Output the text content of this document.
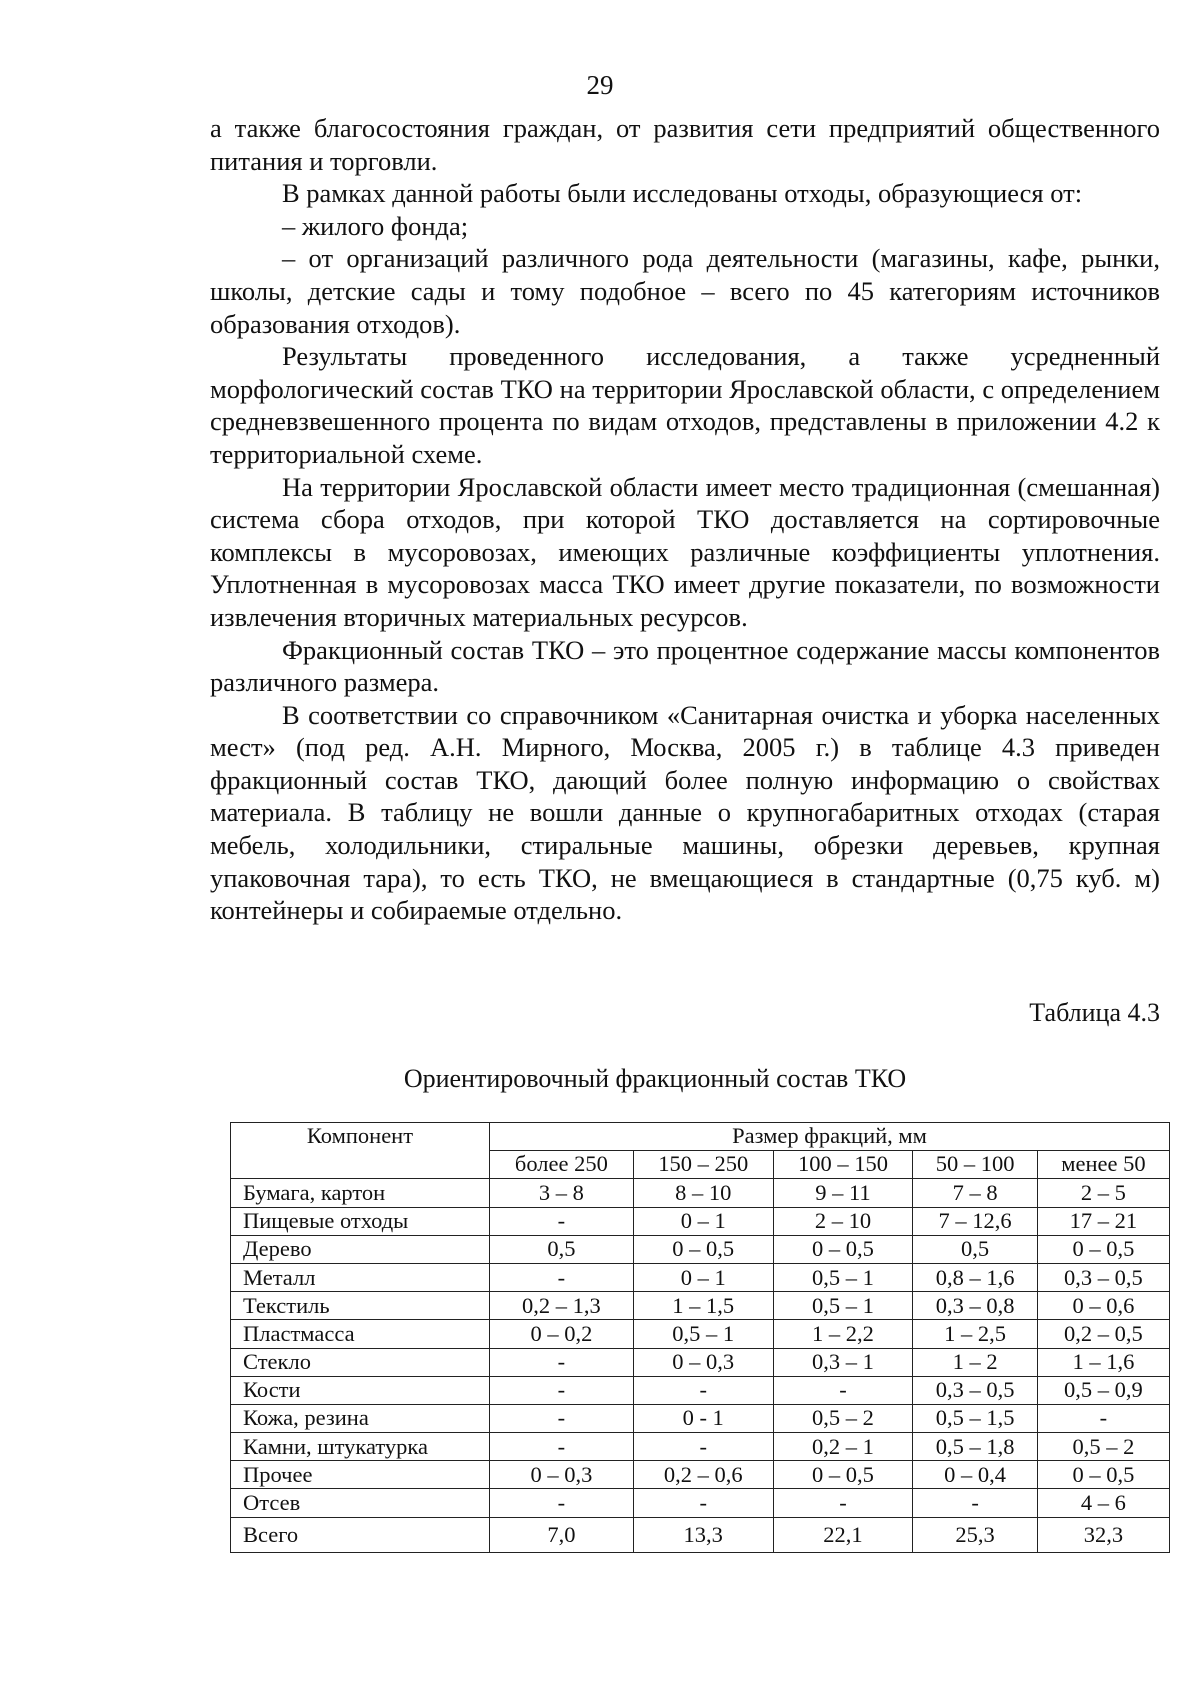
29

а также благосостояния граждан, от развития сети предприятий общественного питания и торговли.

В рамках данной работы были исследованы отходы, образующиеся от:

– жилого фонда;

– от организаций различного рода деятельности (магазины, кафе, рынки, школы, детские сады и тому подобное – всего по 45 категориям источников образования отходов).

Результаты проведенного исследования, а также усредненный морфологический состав ТКО на территории Ярославской области, с определением средневзвешенного процента по видам отходов, представлены в приложении 4.2 к территориальной схеме.

На территории Ярославской области имеет место традиционная (смешанная) система сбора отходов, при которой ТКО доставляется на сортировочные комплексы в мусоровозах, имеющих различные коэффициенты уплотнения. Уплотненная в мусоровозах масса ТКО имеет другие показатели, по возможности извлечения вторичных материальных ресурсов.

Фракционный состав ТКО – это процентное содержание массы компонентов различного размера.

В соответствии со справочником «Санитарная очистка и уборка населенных мест» (под ред. А.Н. Мирного, Москва, 2005 г.) в таблице 4.3 приведен фракционный состав ТКО, дающий более полную информацию о свойствах материала. В таблицу не вошли данные о крупногабаритных отходах (старая мебель, холодильники, стиральные машины, обрезки деревьев, крупная упаковочная тара), то есть ТКО, не вмещающиеся в стандартные (0,75 куб. м) контейнеры и собираемые отдельно.

Таблица 4.3
Ориентировочный фракционный состав ТКО
Компонент	Размер фракций, мм				
	более 250	150 – 250	100 – 150	50 – 100	менее 50
Бумага, картон	3 – 8	8 – 10	9 – 11	7 – 8	2 – 5
Пищевые отходы	-	0 – 1	2 – 10	7 – 12,6	17 – 21
Дерево	0,5	0 – 0,5	0 – 0,5	0,5	0 – 0,5
Металл	-	0 – 1	0,5 – 1	0,8 – 1,6	0,3 – 0,5
Текстиль	0,2 – 1,3	1 – 1,5	0,5 – 1	0,3 – 0,8	0 – 0,6
Пластмасса	0 – 0,2	0,5 – 1	1 – 2,2	1 – 2,5	0,2 – 0,5
Стекло	-	0 – 0,3	0,3 – 1	1 – 2	1 – 1,6
Кости	-	-	-	0,3 – 0,5	0,5 – 0,9
Кожа, резина	-	0 - 1	0,5 – 2	0,5 – 1,5	-
Камни, штукатурка	-	-	0,2 – 1	0,5 – 1,8	0,5 – 2
Прочее	0 – 0,3	0,2 – 0,6	0 – 0,5	0 – 0,4	0 – 0,5
Отсев	-	-	-	-	4 – 6
Всего	7,0	13,3	22,1	25,3	32,3
